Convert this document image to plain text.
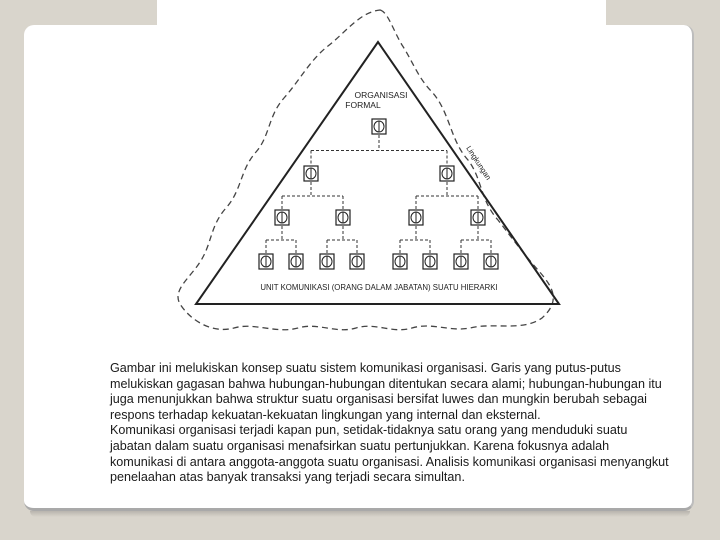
ORGANISASI
FORMAL
Lingkungan
UNIT KOMUNIKASI (ORANG DALAM JABATAN) SUATU HIERARKI

Gambar ini melukiskan konsep suatu sistem komunikasi organisasi. Garis yang putus-putus melukiskan gagasan bahwa hubungan-hubungan ditentukan secara alami; hubungan-hubungan itu juga menunjukkan bahwa struktur suatu organisasi bersifat luwes dan mungkin berubah sebagai respons terhadap kekuatan-kekuatan lingkungan yang internal dan eksternal.

Komunikasi organisasi terjadi kapan pun, setidak-tidaknya satu orang yang menduduki suatu jabatan dalam suatu organisasi menafsirkan suatu pertunjukkan. Karena fokusnya adalah komunikasi di antara anggota-anggota suatu organisasi. Analisis komunikasi organisasi menyangkut penelaahan atas banyak transaksi yang terjadi secara simultan.
